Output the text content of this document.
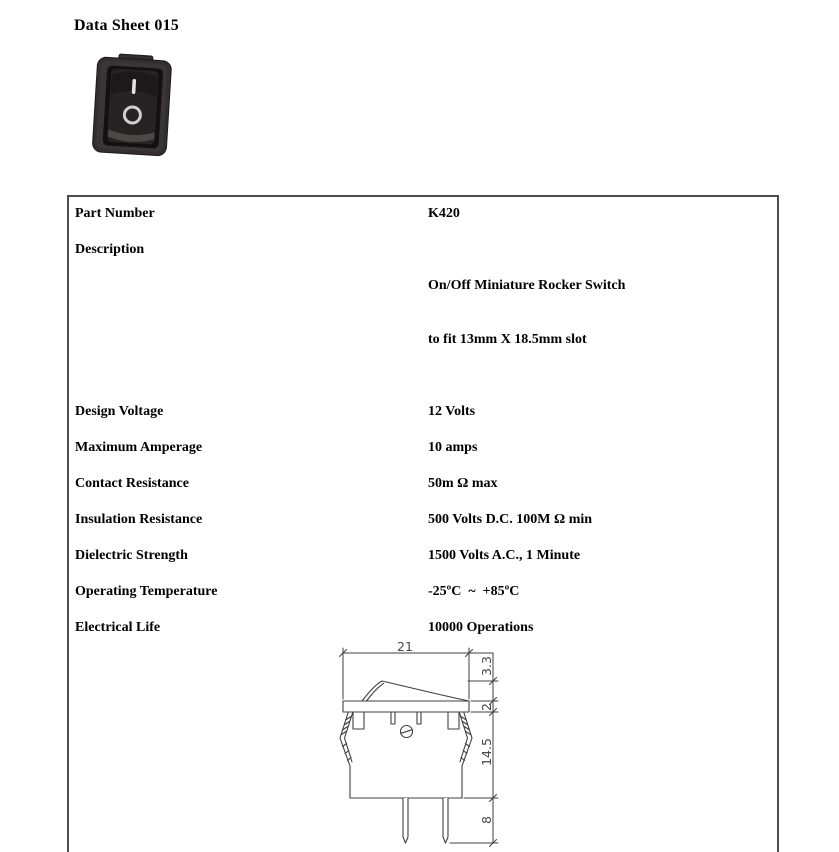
Data Sheet 015
Part Number	K420
Description

On/Off Miniature Rocker Switch

to fit 13mm X 18.5mm slot

Design Voltage	12 Volts
Maximum Amperage	10 amps
Contact Resistance	50m Ω max
Insulation Resistance	500 Volts D.C. 100M Ω min
Dielectric Strength	1500 Volts A.C., 1 Minute
Operating Temperature	-25ºC  ~  +85ºC
Electrical Life	10000 Operations
21
3.3
2
14.5
8
